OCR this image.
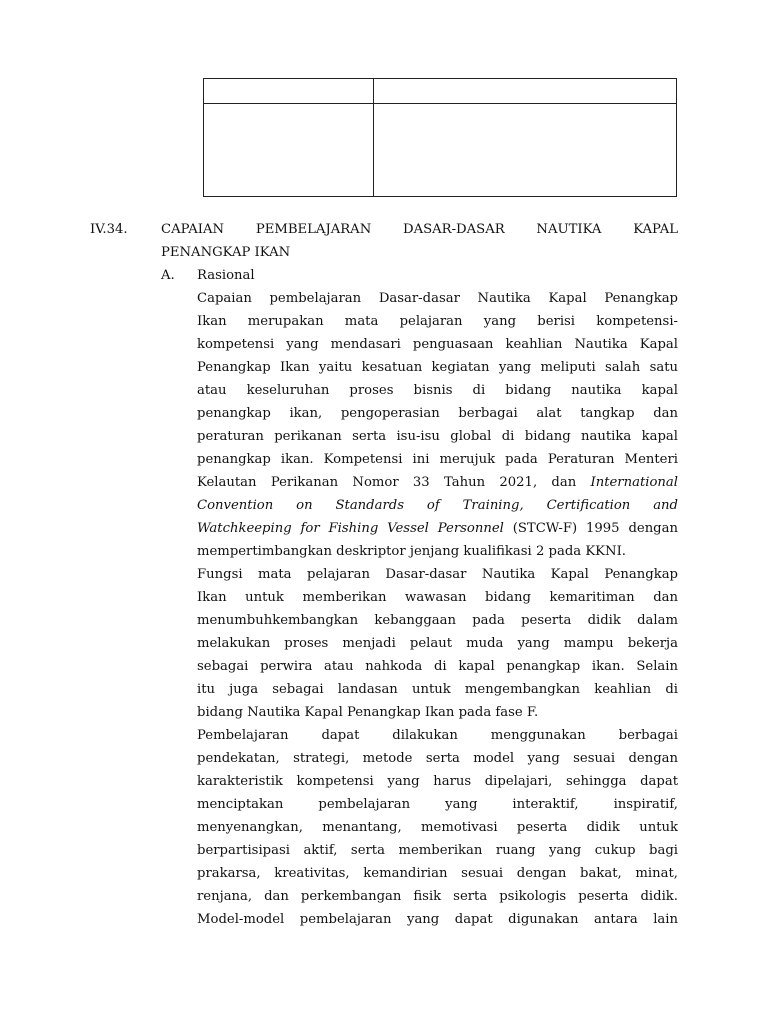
IV.34.	CAPAIAN PEMBELAJARAN DASAR-DASAR NAUTIKA KAPAL
PENANGKAP IKAN
A. Rasional
Capaian pembelajaran Dasar-dasar Nautika Kapal Penangkap
Ikan merupakan mata pelajaran yang berisi kompetensi-
kompetensi yang mendasari penguasaan keahlian Nautika Kapal
Penangkap Ikan yaitu kesatuan kegiatan yang meliputi salah satu
atau keseluruhan proses bisnis di bidang nautika kapal
penangkap ikan, pengoperasian berbagai alat tangkap dan
peraturan perikanan serta isu-isu global di bidang nautika kapal
penangkap ikan. Kompetensi ini merujuk pada Peraturan Menteri
Kelautan Perikanan Nomor 33 Tahun 2021, dan International
Convention on Standards of Training, Certification and
Watchkeeping for Fishing Vessel Personnel (STCW-F) 1995 dengan
mempertimbangkan deskriptor jenjang kualifikasi 2 pada KKNI.
Fungsi mata pelajaran Dasar-dasar Nautika Kapal Penangkap
Ikan untuk memberikan wawasan bidang kemaritiman dan
menumbuhkembangkan kebanggaan pada peserta didik dalam
melakukan proses menjadi pelaut muda yang mampu bekerja
sebagai perwira atau nahkoda di kapal penangkap ikan. Selain
itu juga sebagai landasan untuk mengembangkan keahlian di
bidang Nautika Kapal Penangkap Ikan pada fase F.
Pembelajaran dapat dilakukan menggunakan berbagai
pendekatan, strategi, metode serta model yang sesuai dengan
karakteristik kompetensi yang harus dipelajari, sehingga dapat
menciptakan pembelajaran yang interaktif, inspiratif,
menyenangkan, menantang, memotivasi peserta didik untuk
berpartisipasi aktif, serta memberikan ruang yang cukup bagi
prakarsa, kreativitas, kemandirian sesuai dengan bakat, minat,
renjana, dan perkembangan fisik serta psikologis peserta didik.
Model-model pembelajaran yang dapat digunakan antara lain
